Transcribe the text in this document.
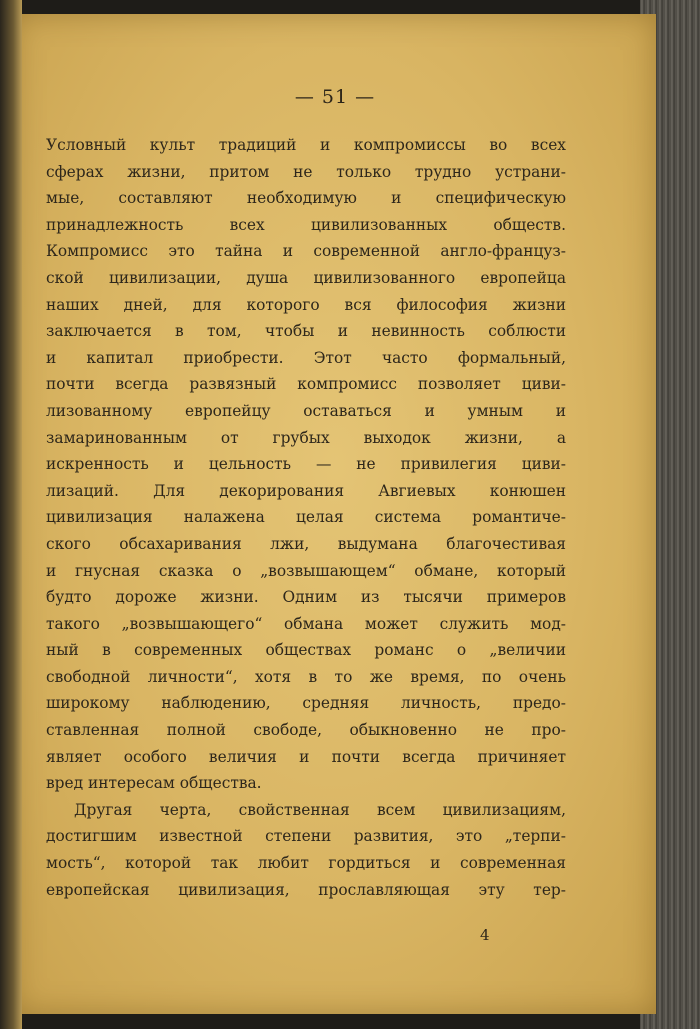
— 51 —
Условный культ традиций и компромиссы во всех
сферах жизни, притом не только трудно устрани-
мые, составляют необходимую и специфическую
принадлежность всех цивилизованных обществ.
Компромисс это тайна и современной англо-француз-
ской цивилизации, душа цивилизованного европейца
наших дней, для которого вся философия жизни
заключается в том, чтобы и невинность соблюсти
и капитал приобрести. Этот часто формальный,
почти всегда развязный компромисс позволяет циви-
лизованному европейцу оставаться и умным и
замаринованным от грубых выходок жизни, а
искренность и цельность — не привилегия циви-
лизаций. Для декорирования Авгиевых конюшен
цивилизация налажена целая система романтиче-
ского обсахаривания лжи, выдумана благочестивая
и гнусная сказка о „возвышающем“ обмане, который
будто дороже жизни. Одним из тысячи примеров
такого „возвышающего“ обмана может служить мод-
ный в современных обществах романс о „величии
свободной личности“, хотя в то же время, по очень
широкому наблюдению, средняя личность, предо-
ставленная полной свободе, обыкновенно не про-
являет особого величия и почти всегда причиняет
вред интересам общества.
Другая черта, свойственная всем цивилизациям,
достигшим известной степени развития, это „терпи-
мость“, которой так любит гордиться и современная
европейская цивилизация, прославляющая эту тер-
4
